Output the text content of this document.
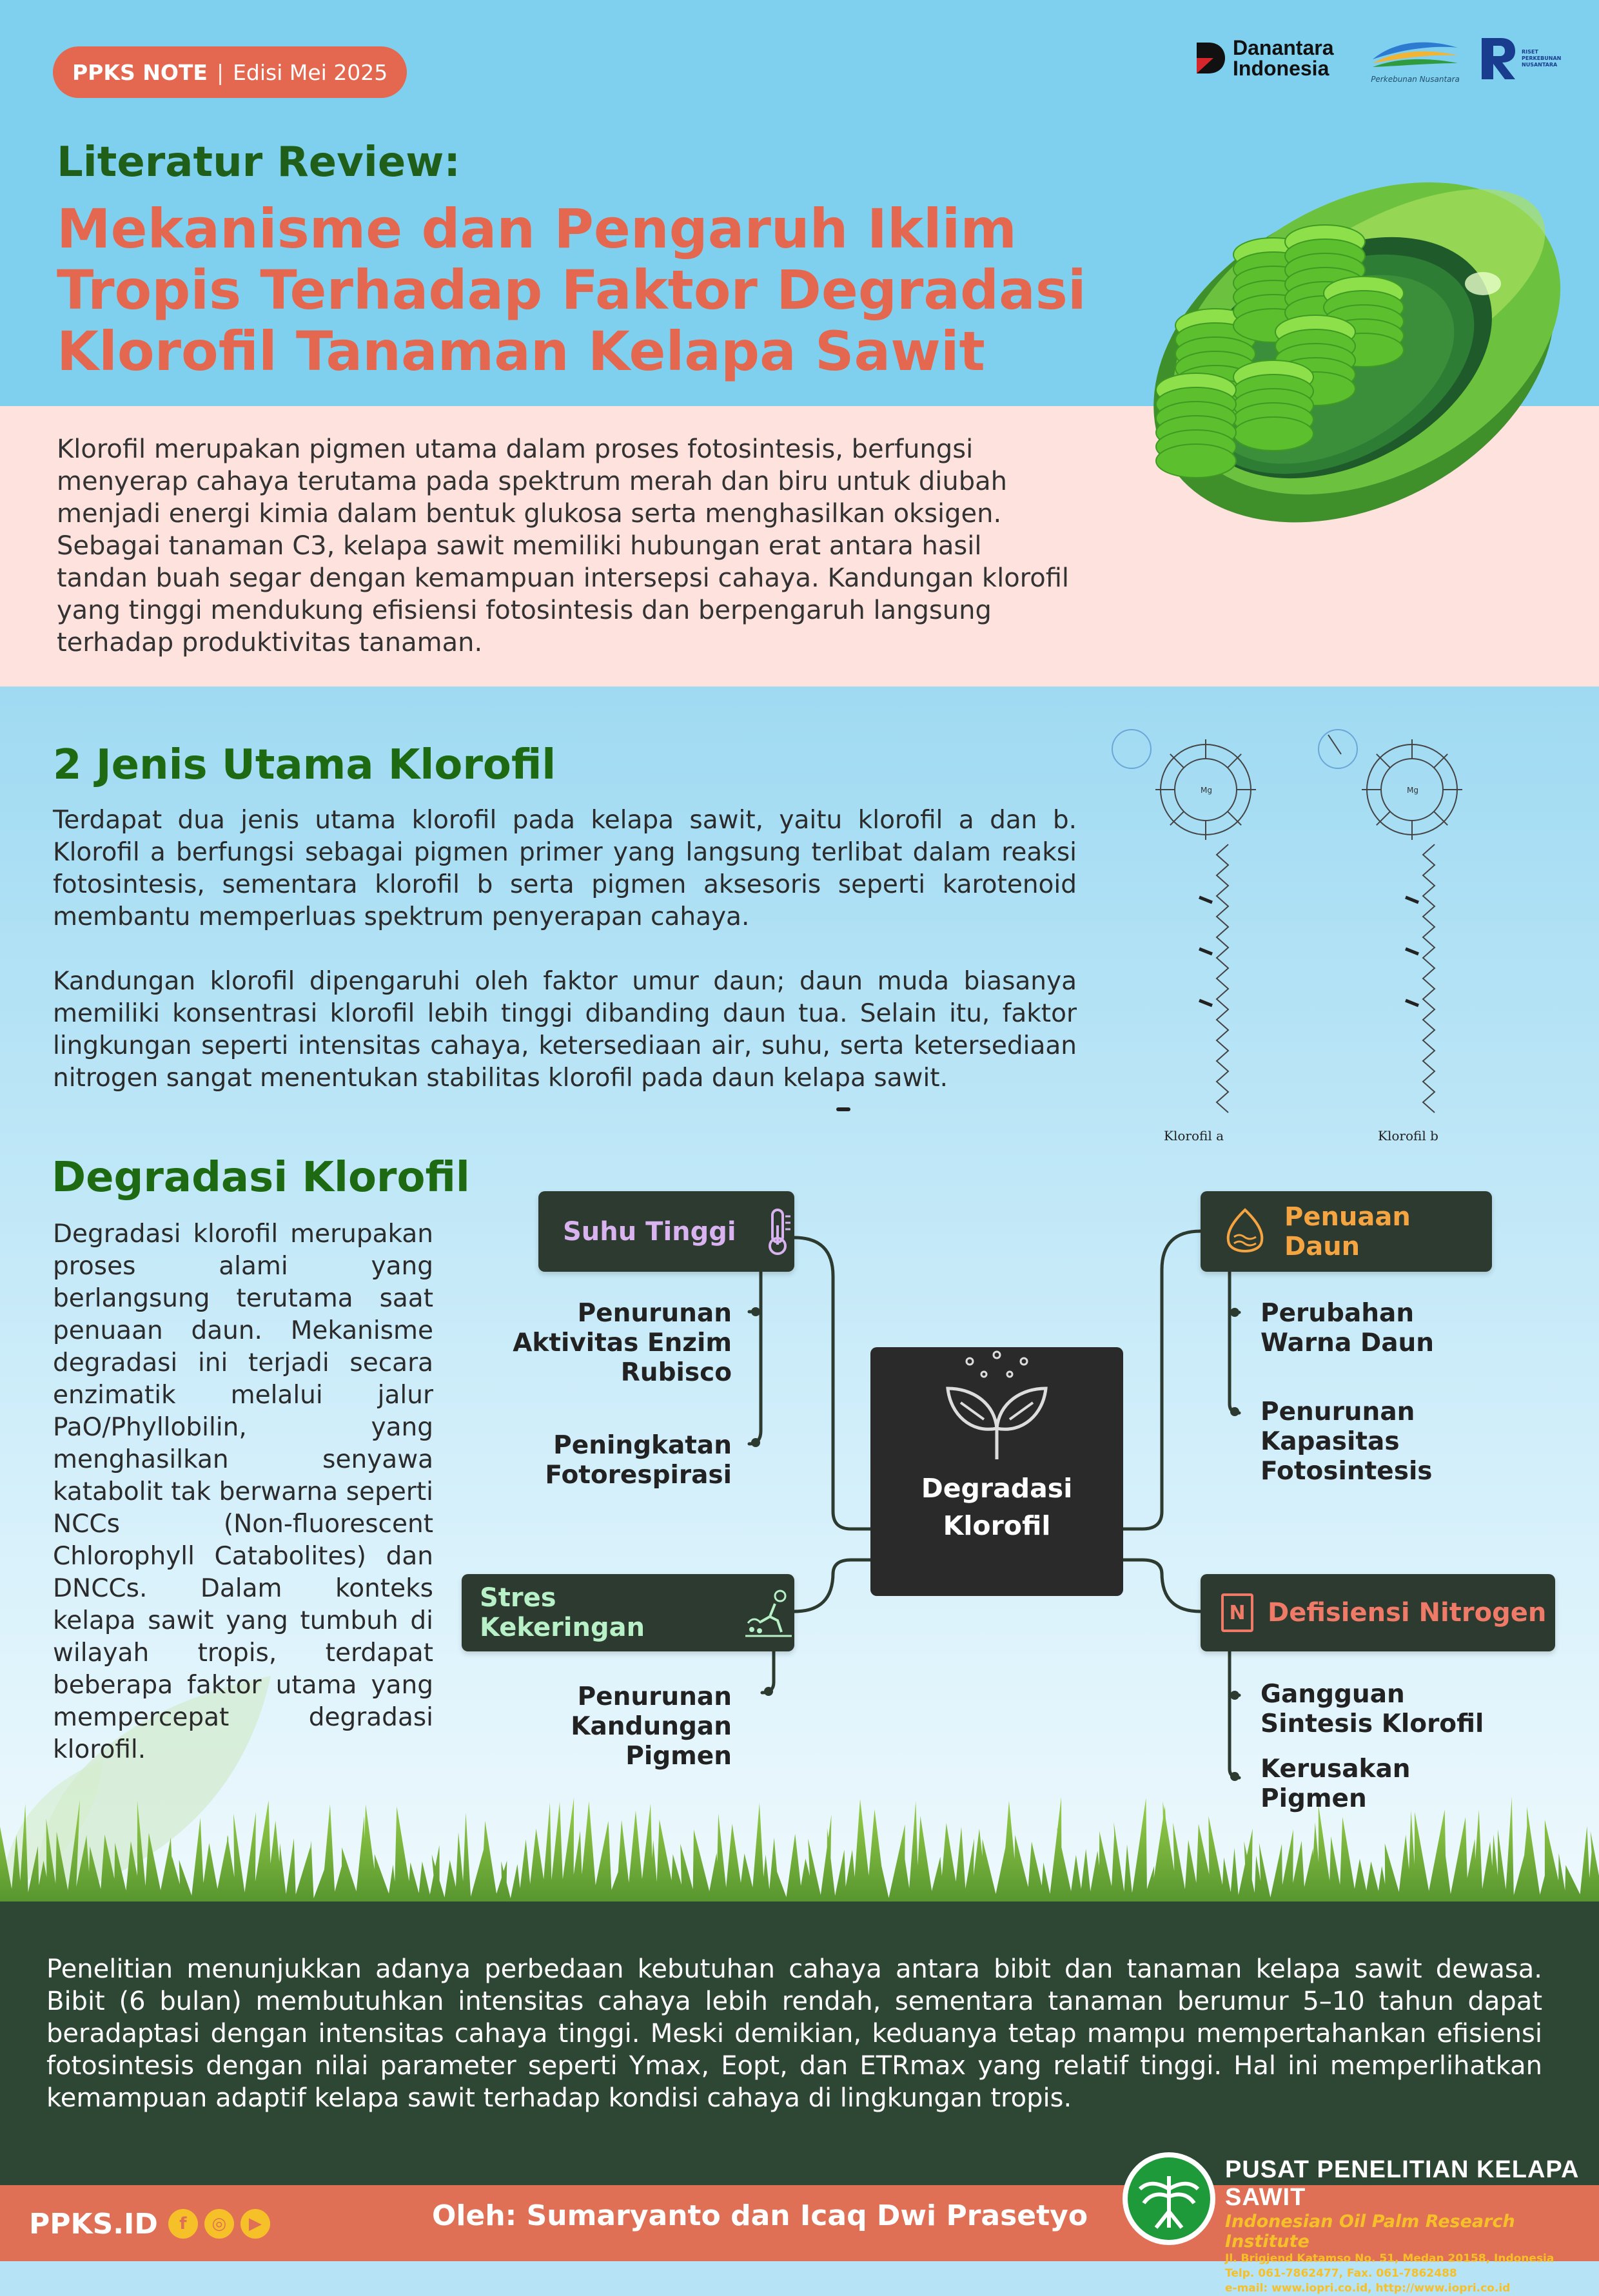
PPKS NOTE | Edisi Mei 2025
Danantara
Indonesia	Perkebunan Nusantara
RISET PERKEBUNAN NUSANTARA
Literatur Review:
Mekanisme dan Pengaruh Iklim
Tropis Terhadap Faktor Degradasi
Klorofil Tanaman Kelapa Sawit
Klorofil merupakan pigmen utama dalam proses fotosintesis, berfungsi menyerap cahaya terutama pada spektrum merah dan biru untuk diubah menjadi energi kimia dalam bentuk glukosa serta menghasilkan oksigen. Sebagai tanaman C3, kelapa sawit memiliki hubungan erat antara hasil tandan buah segar dengan kemampuan intersepsi cahaya. Kandungan klorofil yang tinggi mendukung efisiensi fotosintesis dan berpengaruh langsung terhadap produktivitas tanaman.
2 Jenis Utama Klorofil
Terdapat dua jenis utama klorofil pada kelapa sawit, yaitu klorofil a dan b. Klorofil a berfungsi sebagai pigmen primer yang langsung terlibat dalam reaksi fotosintesis, sementara klorofil b serta pigmen aksesoris seperti karotenoid membantu memperluas spektrum penyerapan cahaya.
Kandungan klorofil dipengaruhi oleh faktor umur daun; daun muda biasanya memiliki konsentrasi klorofil lebih tinggi dibanding daun tua. Selain itu, faktor lingkungan seperti intensitas cahaya, ketersediaan air, suhu, serta ketersediaan nitrogen sangat menentukan stabilitas klorofil pada daun kelapa sawit.
Mg	Mg
Klorofil a	Klorofil b
Degradasi Klorofil
Degradasi klorofil merupakan proses alami yang berlangsung terutama saat penuaan daun. Mekanisme degradasi ini terjadi secara enzimatik melalui jalur PaO/Phyllobilin, yang menghasilkan senyawa katabolit tak berwarna seperti NCCs (Non-fluorescent Chlorophyll Catabolites) dan DNCCs. Dalam konteks kelapa sawit yang tumbuh di wilayah tropis, terdapat beberapa faktor utama yang mempercepat degradasi klorofil.
Suhu Tinggi
Penurunan
Aktivitas Enzim
Rubisco
Peningkatan
Fotorespirasi
Stres Kekeringan
Penurunan
Kandungan
Pigmen
Penuaan Daun
Perubahan
Warna Daun
Penurunan
Kapasitas
Fotosintesis
N Defisiensi Nitrogen
Gangguan
Sintesis Klorofil
Kerusakan
Pigmen
Degradasi
Klorofil
Penelitian menunjukkan adanya perbedaan kebutuhan cahaya antara bibit dan tanaman kelapa sawit dewasa. Bibit (6 bulan) membutuhkan intensitas cahaya lebih rendah, sementara tanaman berumur 5–10 tahun dapat beradaptasi dengan intensitas cahaya tinggi. Meski demikian, keduanya tetap mampu mempertahankan efisiensi fotosintesis dengan nilai parameter seperti Ymax, Eopt, dan ETRmax yang relatif tinggi. Hal ini memperlihatkan kemampuan adaptif kelapa sawit terhadap kondisi cahaya di lingkungan tropis.
PPKS.ID	f	◎	▶	Oleh: Sumaryanto dan Icaq Dwi Prasetyo
PUSAT PENELITIAN KELAPA SAWIT
Indonesian Oil Palm Research Institute
Jl. Brigjend Katamso No. 51, Medan 20158, Indonesia
Telp. 061-7862477, Fax. 061-7862488
e-mail: www.iopri.co.id, http://www.iopri.co.id
